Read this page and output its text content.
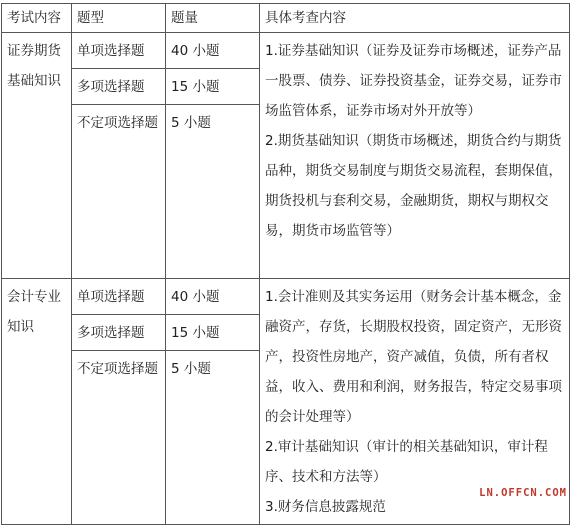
考试内容	题型	题量	具体考查内容
证券期货基础知识	单项选择题	40 小题	1.证券基础知识（证券及证券市场概述，证券产品一股票、债券、证券投资基金，证券交易，证券市场监管体系，证券市场对外开放等）
2.期货基础知识（期货市场概述，期货合约与期货品种，期货交易制度与期货交易流程，套期保值，期货投机与套利交易，金融期货，期权与期权交易，期货市场监管等）

	多项选择题	15 小题	
	不定项选择题	5 小题	
会计专业知识	单项选择题	40 小题	1.会计准则及其实务运用（财务会计基本概念，金融资产，存货，长期股权投资，固定资产，无形资产，投资性房地产，资产减值，负债，所有者权益，收入、费用和利润，财务报告，特定交易事项的会计处理等）
2.审计基础知识（审计的相关基础知识，审计程序、技术和方法等）
3.财务信息披露规范

	多项选择题	15 小题	
	不定项选择题	5 小题	
LN.OFFCN.COM
